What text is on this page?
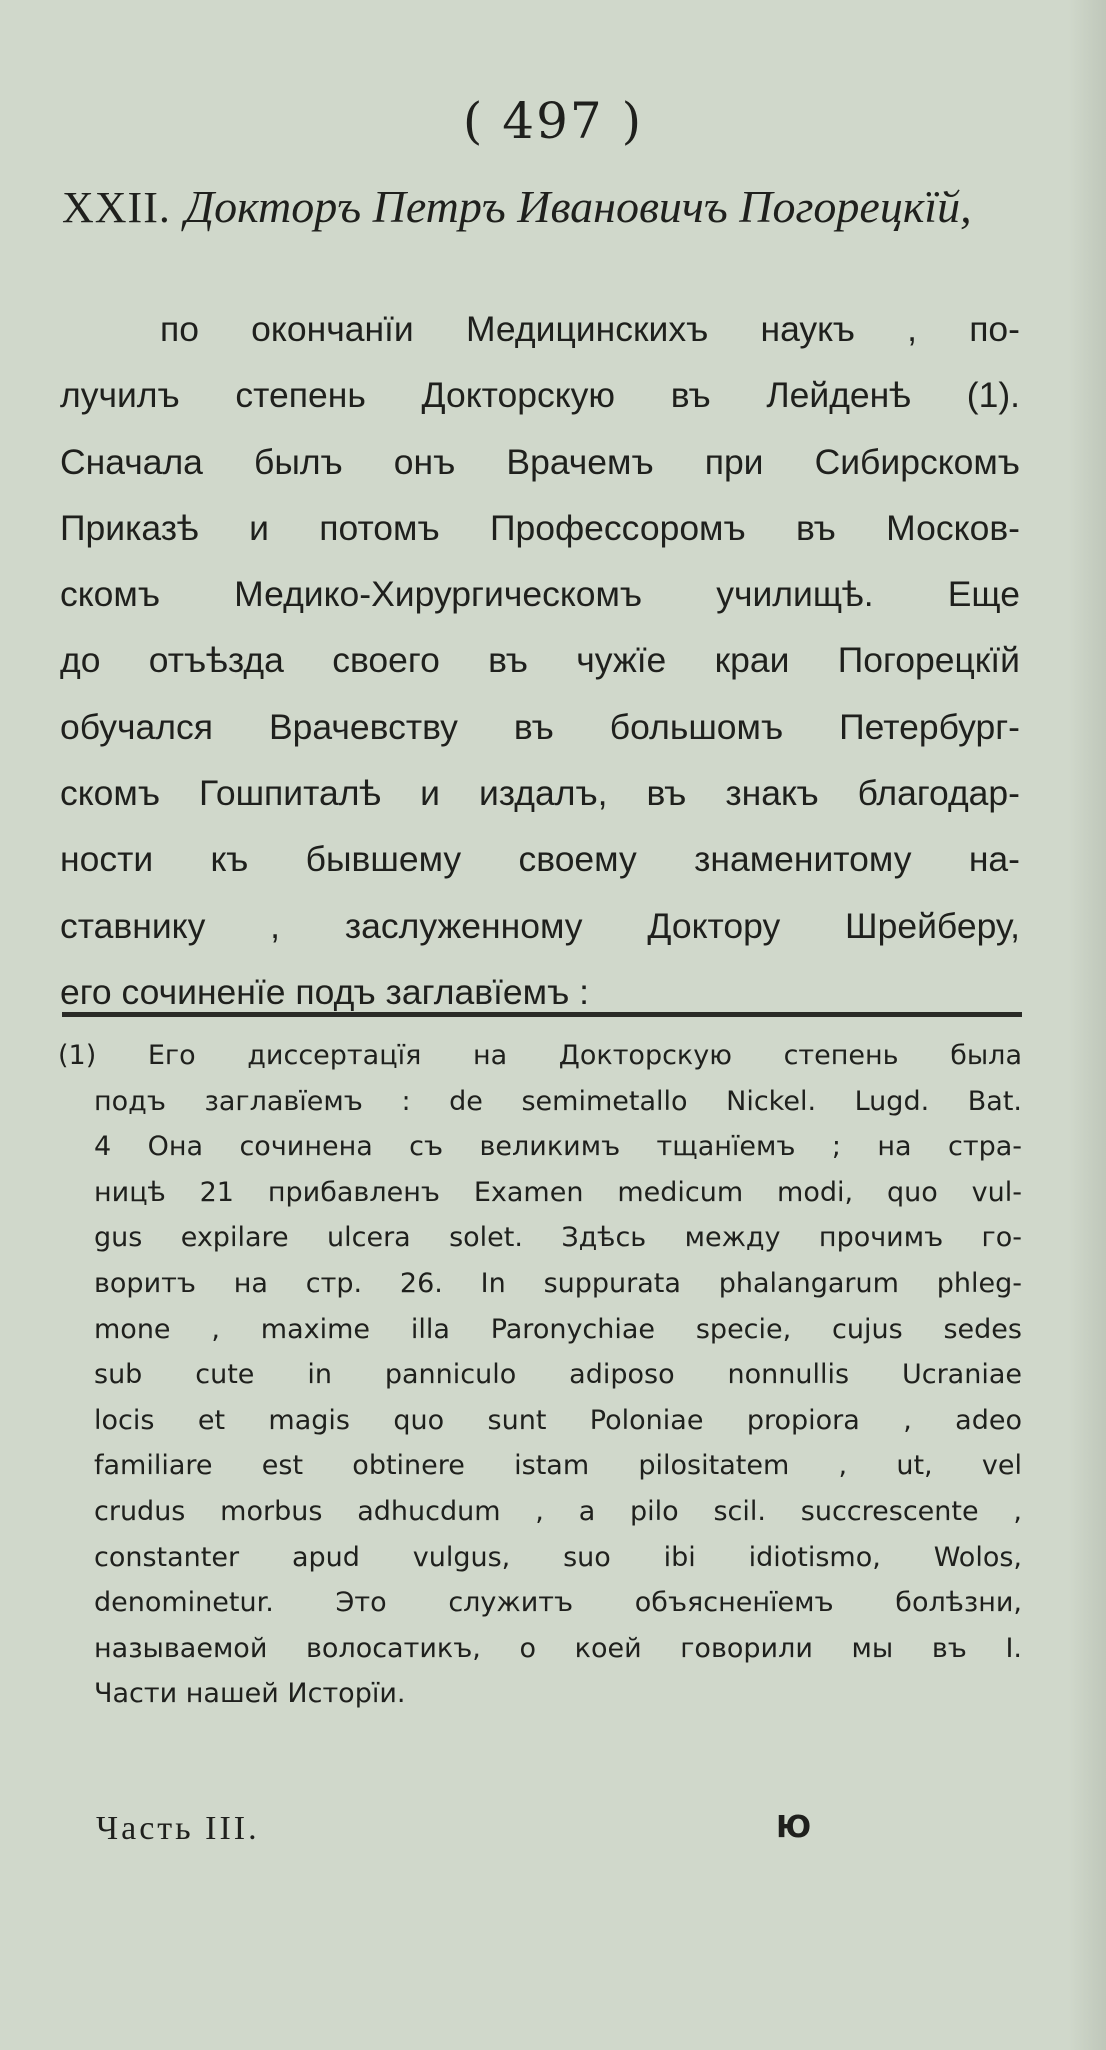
( 497 )
XXII. Докторъ Петръ Ивановичъ Погорецкїй,
по окончанїи Медицинскихъ наукъ , по-
лучилъ степень Докторскую въ Лейденѣ (1).
Сначала былъ онъ Врачемъ при Сибирскомъ
Приказѣ и потомъ Профессоромъ въ Москов-
скомъ Медико-Хирургическомъ училищѣ. Еще
до отъѣзда своего въ чужїе краи Погорецкїй
обучался Врачевству въ большомъ Петербург-
скомъ Гошпиталѣ и издалъ, въ знакъ благодар-
ности къ бывшему своему знаменитому на-
ставнику , заслуженному Доктору Шрейберу,
его сочиненїе подъ заглавїемъ :
(1) Его диссертацїя на Докторскую степень была
подъ заглавїемъ : de semimetallo Nickel. Lugd. Bat.
4 Она сочинена съ великимъ тщанїемъ ; на стра-
ницѣ 21 прибавленъ Examen medicum modi, quo vul-
gus expilare ulcera solet. Здѣсь между прочимъ го-
воритъ на стр. 26. In suppurata phalangarum phleg-
mone , maxime illa Paronychiae specie, cujus sedes
sub cute in panniculo adiposo nonnullis Ucraniae
locis et magis quo sunt Poloniae propiora , adeo
familiare est obtinere istam pilositatem , ut, vel
crudus morbus adhucdum , a pilo scil. succrescente ,
constanter apud vulgus, suo ibi idiotismo, Wolos,
denominetur. Это служитъ объясненїемъ болѣзни,
называемой волосатикъ, о коей говорили мы въ I.
Части нашей Исторїи.
Часть III.	Ю
